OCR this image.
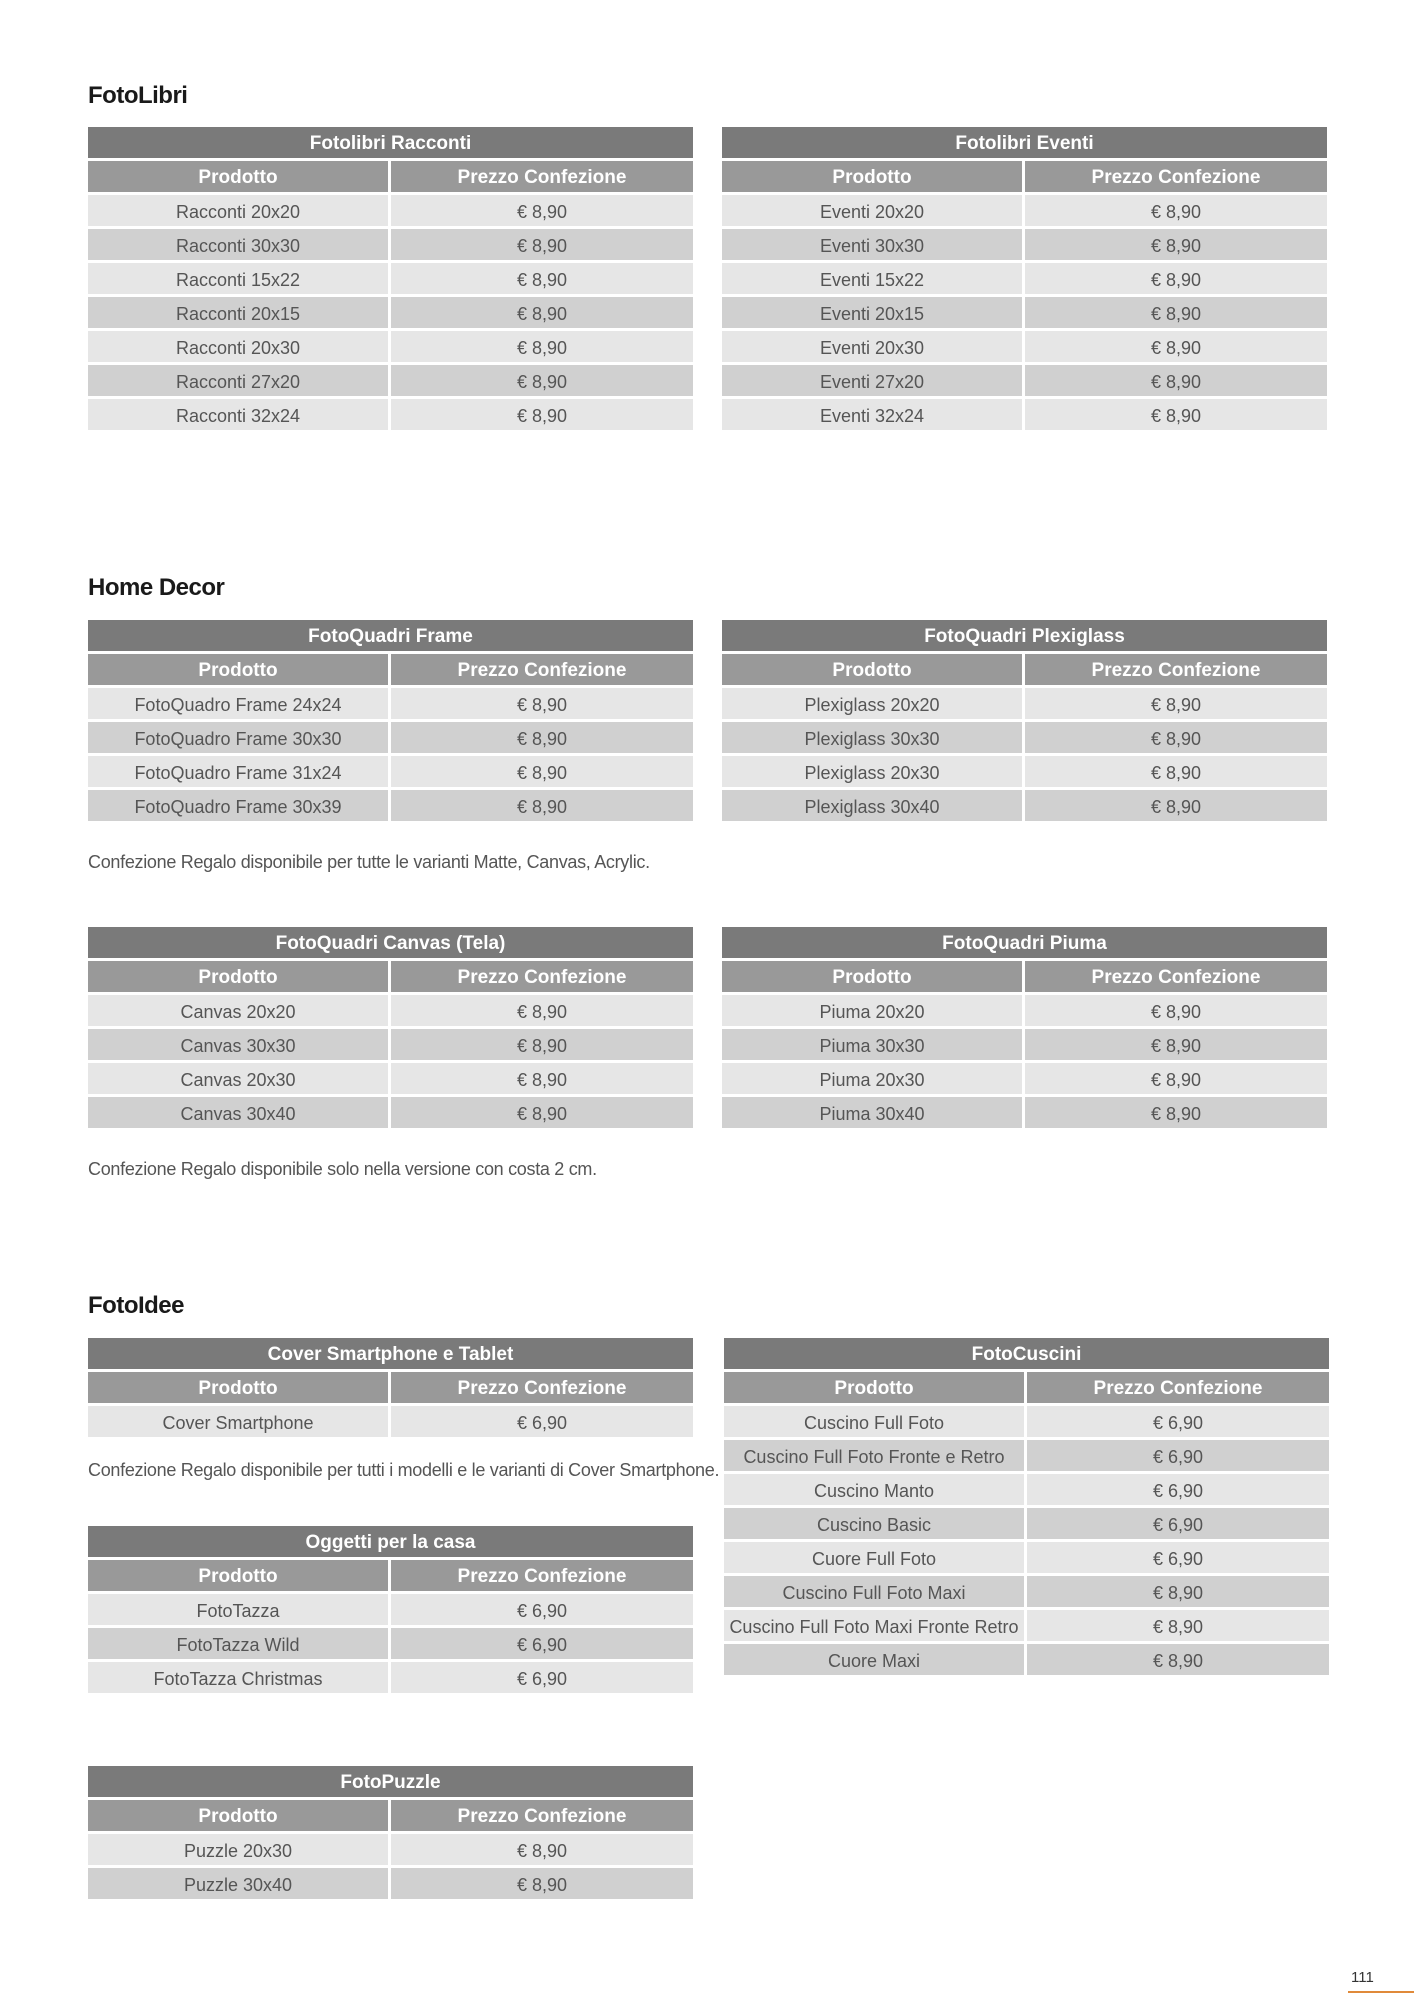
FotoLibri
Home Decor
FotoIdee
Fotolibri Racconti
Prodotto	Prezzo Confezione
Racconti 20x20	€ 8,90
Racconti 30x30	€ 8,90
Racconti 15x22	€ 8,90
Racconti 20x15	€ 8,90
Racconti 20x30	€ 8,90
Racconti 27x20	€ 8,90
Racconti 32x24	€ 8,90
Fotolibri Eventi
Prodotto	Prezzo Confezione
Eventi 20x20	€ 8,90
Eventi 30x30	€ 8,90
Eventi 15x22	€ 8,90
Eventi 20x15	€ 8,90
Eventi 20x30	€ 8,90
Eventi 27x20	€ 8,90
Eventi 32x24	€ 8,90
FotoQuadri Frame
Prodotto	Prezzo Confezione
FotoQuadro Frame 24x24	€ 8,90
FotoQuadro Frame 30x30	€ 8,90
FotoQuadro Frame 31x24	€ 8,90
FotoQuadro Frame 30x39	€ 8,90
FotoQuadri Plexiglass
Prodotto	Prezzo Confezione
Plexiglass 20x20	€ 8,90
Plexiglass 30x30	€ 8,90
Plexiglass 20x30	€ 8,90
Plexiglass 30x40	€ 8,90
FotoQuadri Canvas (Tela)
Prodotto	Prezzo Confezione
Canvas 20x20	€ 8,90
Canvas 30x30	€ 8,90
Canvas 20x30	€ 8,90
Canvas 30x40	€ 8,90
FotoQuadri Piuma
Prodotto	Prezzo Confezione
Piuma 20x20	€ 8,90
Piuma 30x30	€ 8,90
Piuma 20x30	€ 8,90
Piuma 30x40	€ 8,90
Cover Smartphone e Tablet
Prodotto	Prezzo Confezione
Cover Smartphone	€ 6,90
FotoCuscini
Prodotto	Prezzo Confezione
Cuscino Full Foto	€ 6,90
Cuscino Full Foto Fronte e Retro	€ 6,90
Cuscino Manto	€ 6,90
Cuscino Basic	€ 6,90
Cuore Full Foto	€ 6,90
Cuscino Full Foto Maxi	€ 8,90
Cuscino Full Foto Maxi Fronte Retro	€ 8,90
Cuore Maxi	€ 8,90
Oggetti per la casa
Prodotto	Prezzo Confezione
FotoTazza	€ 6,90
FotoTazza Wild	€ 6,90
FotoTazza Christmas	€ 6,90
FotoPuzzle
Prodotto	Prezzo Confezione
Puzzle 20x30	€ 8,90
Puzzle 30x40	€ 8,90
Confezione Regalo disponibile per tutte le varianti Matte, Canvas, Acrylic.
Confezione Regalo disponibile solo nella versione con costa 2 cm.
Confezione Regalo disponibile per tutti i modelli e le varianti di Cover Smartphone.
111
